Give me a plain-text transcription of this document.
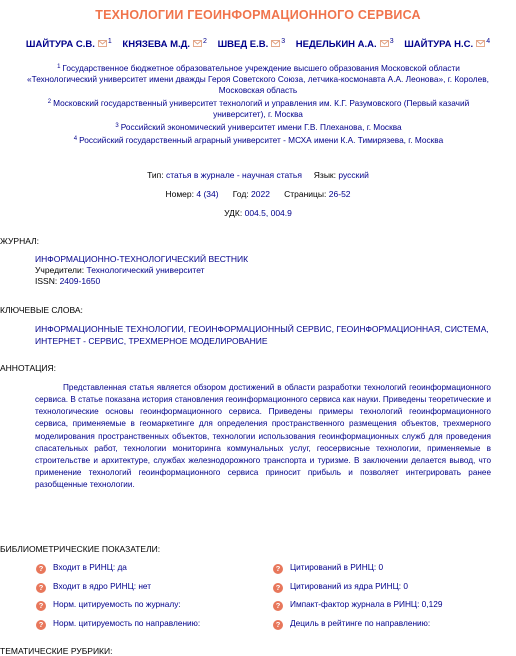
ТЕХНОЛОГИИ ГЕОИНФОРМАЦИОННОГО СЕРВИСА
ШАЙТУРА С.В. $^1$ КНЯЗЕВА М.Д. $^2$ ШВЕД Е.В. $^3$ НЕДЕЛЬКИН А.А. $^3$ ШАЙТУРА Н.С. $^4$
$^1$ Государственное бюджетное образовательное учреждение высшего образования Московской области «Технологический университет имени дважды Героя Советского Союза, летчика-космонавта А.А. Леонова», г. Королев, Московская область
$^2$ Московский государственный университет технологий и управления им. К.Г. Разумовского (Первый казачий университет), г. Москва
$^3$ Российский экономический университет имени Г.В. Плеханова, г. Москва
$^4$ Российский государственный аграрный университет - МСХА имени К.А. Тимирязева, г. Москва
Тип: статья в журнале - научная статья Язык: русский
Номер: 4 (34) Год: 2022 Страницы: 26-52
УДК: 004.5, 004.9
ЖУРНАЛ:
ИНФОРМАЦИОННО-ТЕХНОЛОГИЧЕСКИЙ ВЕСТНИК
Учредители: Технологический университет
ISSN: 2409-1650
КЛЮЧЕВЫЕ СЛОВА:
ИНФОРМАЦИОННЫЕ ТЕХНОЛОГИИ, ГЕОИНФОРМАЦИОННЫЙ СЕРВИС, ГЕОИНФОРМАЦИОННАЯ, СИСТЕМА, ИНТЕРНЕТ - СЕРВИС, ТРЕХМЕРНОЕ МОДЕЛИРОВАНИЕ
АННОТАЦИЯ:
Представленная статья является обзором достижений в области разработки технологий геоинформационного сервиса. В статье показана история становления геоинформационного сервиса как науки. Приведены теоретические и технологические основы геоинформационного сервиса. Приведены примеры технологий геоинформационного сервиса, применяемые в геомаркетинге для определения пространственного размещения объектов, трехмерного моделирования пространственных объектов, технологии использования геоинформационных служб для проведения спасательных работ, технологии мониторинга коммунальных услуг, геосервисные технологии, применяемые в строительстве и архитектуре, службах железнодорожного транспорта и туризме. В заключении делается вывод, что применение технологий геоинформационного сервиса приносит прибыль и позволяет интегрировать ранее разобщенные технологии.
БИБЛИОМЕТРИЧЕСКИЕ ПОКАЗАТЕЛИ:
? Входит в РИНЦ: да	? Цитирований в РИНЦ: 0
? Входит в ядро РИНЦ: нет	? Цитирований из ядра РИНЦ: 0
? Норм. цитируемость по журналу:	? Импакт-фактор журнала в РИНЦ: 0,129
? Норм. цитируемость по направлению:	? Дециль в рейтинге по направлению:
ТЕМАТИЧЕСКИЕ РУБРИКИ:
